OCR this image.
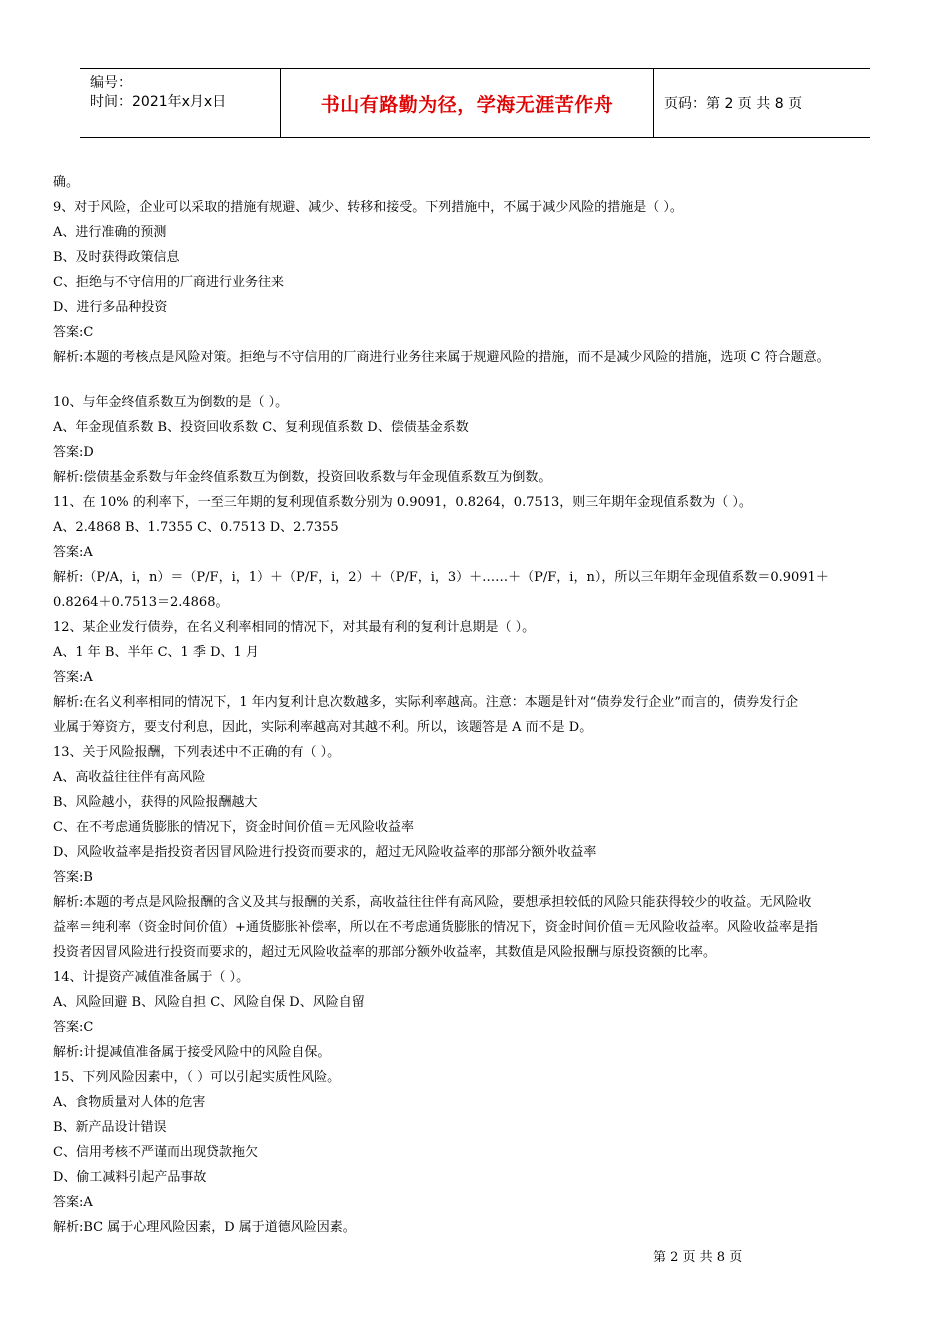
编号：
时间：2021年x月x日	书山有路勤为径，学海无涯苦作舟	页码：第 2 页 共 8 页
确。
9、对于风险，企业可以采取的措施有规避、减少、转移和接受。下列措施中，不属于减少风险的措施是（ ）。
A、进行准确的预测
B、及时获得政策信息
C、拒绝与不守信用的厂商进行业务往来
D、进行多品种投资
答案:C
解析:本题的考核点是风险对策。拒绝与不守信用的厂商进行业务往来属于规避风险的措施，而不是减少风险的措施，选项 C 符合题意。
10、与年金终值系数互为倒数的是（ ）。
A、年金现值系数 B、投资回收系数 C、复利现值系数 D、偿债基金系数
答案:D
解析:偿债基金系数与年金终值系数互为倒数，投资回收系数与年金现值系数互为倒数。
11、在 10% 的利率下，一至三年期的复利现值系数分别为 0.9091，0.8264，0.7513，则三年期年金现值系数为（ ）。
A、2.4868 B、1.7355 C、0.7513 D、2.7355
答案:A
解析:（P/A，i，n）＝（P/F，i，1）＋（P/F，i，2）＋（P/F，i，3）＋……＋（P/F，i，n），所以三年期年金现值系数＝0.9091＋
0.8264＋0.7513＝2.4868。
12、某企业发行债券，在名义利率相同的情况下，对其最有利的复利计息期是（ ）。
A、1 年 B、半年 C、1 季 D、1 月
答案:A
解析:在名义利率相同的情况下，1 年内复利计息次数越多，实际利率越高。注意：本题是针对“债券发行企业”而言的，债券发行企
业属于筹资方，要支付利息，因此，实际利率越高对其越不利。所以，该题答是 A 而不是 D。
13、关于风险报酬，下列表述中不正确的有（ ）。
A、高收益往往伴有高风险
B、风险越小，获得的风险报酬越大
C、在不考虑通货膨胀的情况下，资金时间价值＝无风险收益率
D、风险收益率是指投资者因冒风险进行投资而要求的，超过无风险收益率的那部分额外收益率
答案:B
解析:本题的考点是风险报酬的含义及其与报酬的关系，高收益往往伴有高风险，要想承担较低的风险只能获得较少的收益。无风险收
益率＝纯利率（资金时间价值）+通货膨胀补偿率，所以在不考虑通货膨胀的情况下，资金时间价值＝无风险收益率。风险收益率是指
投资者因冒风险进行投资而要求的，超过无风险收益率的那部分额外收益率，其数值是风险报酬与原投资额的比率。
14、计提资产减值准备属于（ ）。
A、风险回避 B、风险自担 C、风险自保 D、风险自留
答案:C
解析:计提减值准备属于接受风险中的风险自保。
15、下列风险因素中，（ ）可以引起实质性风险。
A、食物质量对人体的危害
B、新产品设计错误
C、信用考核不严谨而出现贷款拖欠
D、偷工减料引起产品事故
答案:A
解析:BC 属于心理风险因素，D 属于道德风险因素。
第 2 页 共 8 页
